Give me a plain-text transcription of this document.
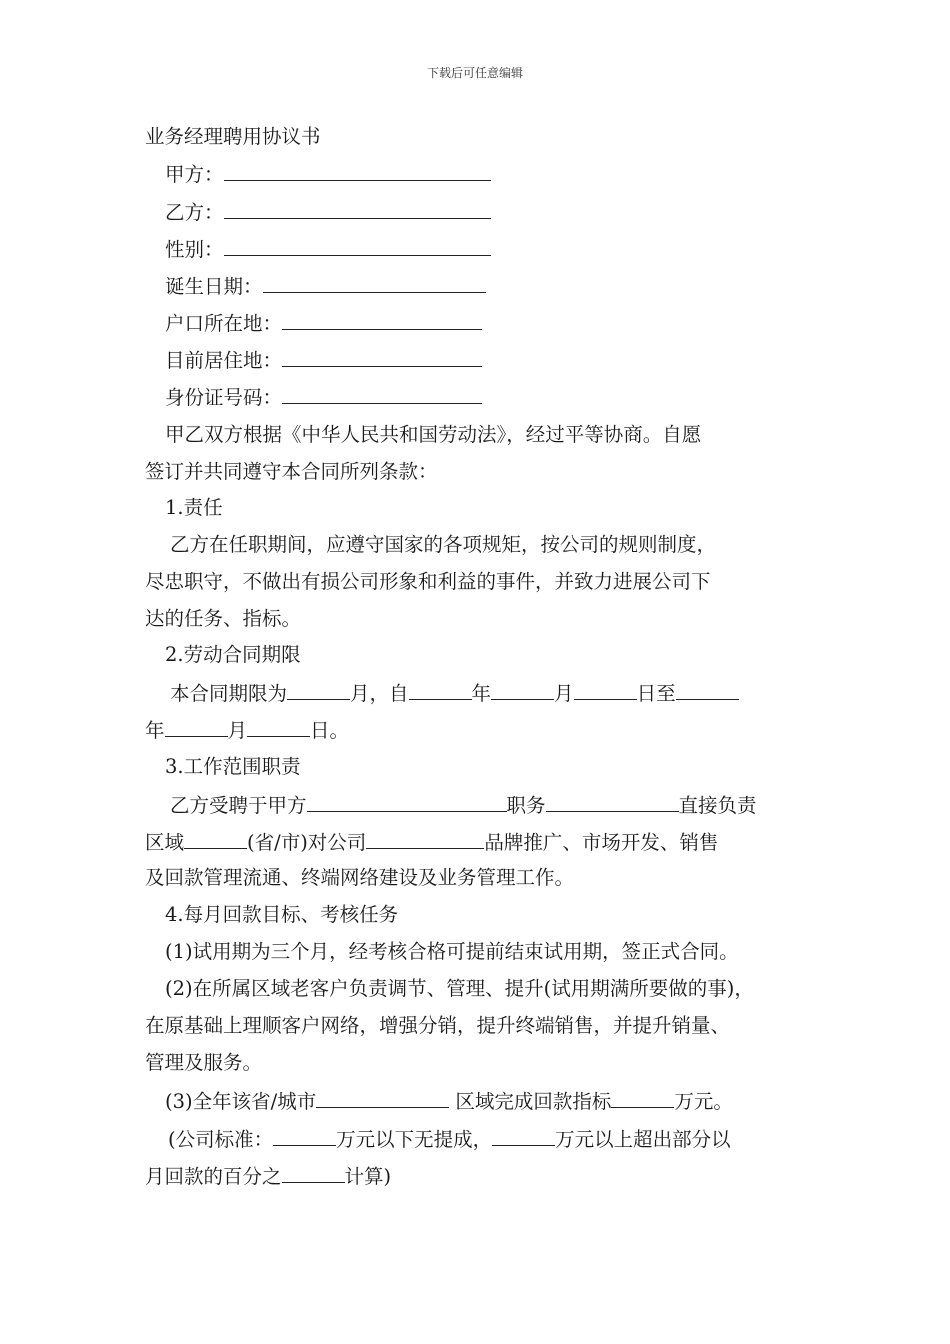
下载后可任意编辑
业务经理聘用协议书
甲方：
乙方：
性别：
诞生日期：
户口所在地：
目前居住地：
身份证号码：
甲乙双方根据《中华人民共和国劳动法》，经过平等协商。自愿
签订并共同遵守本合同所列条款：
1.责任
乙方在任职期间，应遵守国家的各项规矩，按公司的规则制度，
尽忠职守，不做出有损公司形象和利益的事件，并致力进展公司下
达的任务、指标。
2.劳动合同期限
本合同期限为	月，自	年	月	日至
年	月	日。
3.工作范围职责
乙方受聘于甲方	职务	直接负责
区域	(省/市)对公司	品牌推广、市场开发、销售
及回款管理流通、终端网络建设及业务管理工作。
4.每月回款目标、考核任务
(1)试用期为三个月，经考核合格可提前结束试用期，签正式合同。
(2)在所属区域老客户负责调节、管理、提升(试用期满所要做的事)，
在原基础上理顺客户网络，增强分销，提升终端销售，并提升销量、
管理及服务。
(3)全年该省/城市	区域完成回款指标	万元。
(公司标准：	万元以下无提成，	万元以上超出部分以
月回款的百分之	计算)
